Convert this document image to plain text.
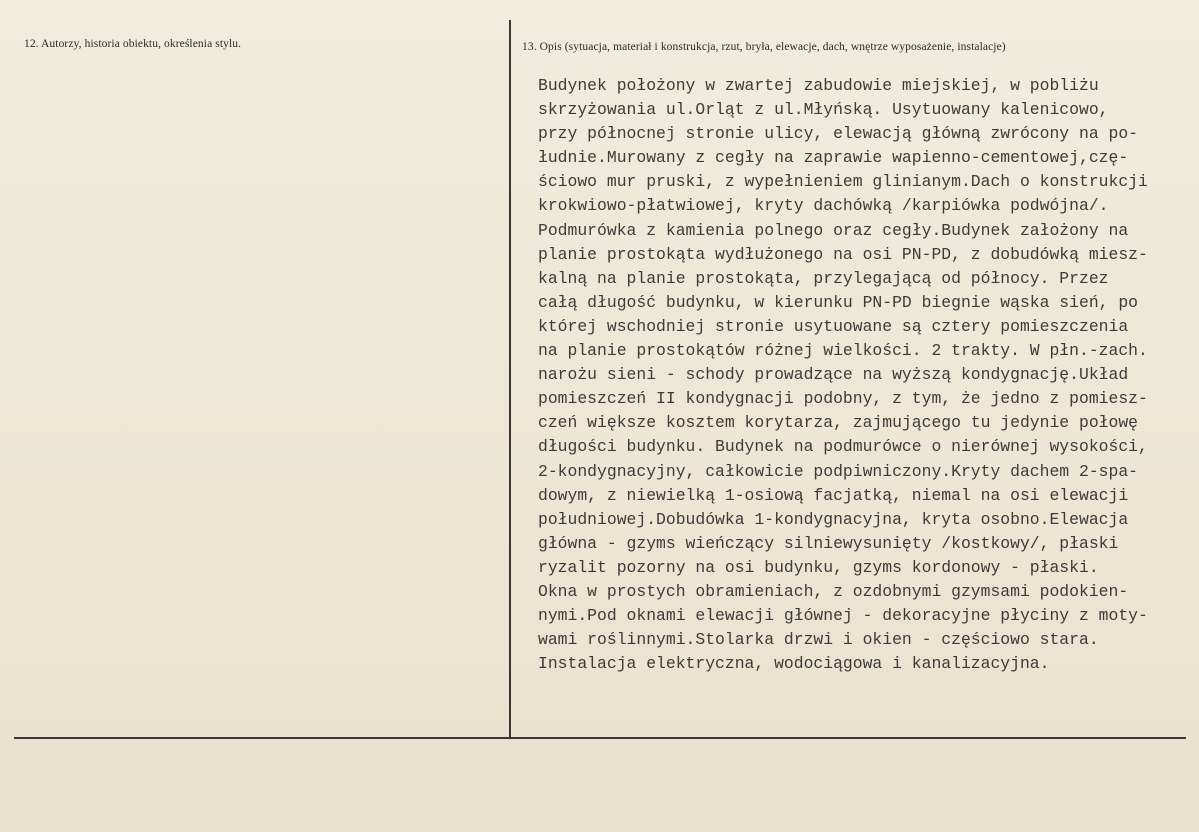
12. Autorzy, historia obiektu, określenia stylu.	13. Opis (sytuacja, materiał i konstrukcja, rzut, bryła, elewacje, dach, wnętrze wyposażenie, instalacje)
Budynek położony w zwartej zabudowie miejskiej, w pobliżu
skrzyżowania ul.Orląt z ul.Młyńską. Usytuowany kalenicowo,
przy północnej stronie ulicy, elewacją główną zwrócony na po-
łudnie.Murowany z cegły na zaprawie wapienno-cementowej,czę-
ściowo mur pruski, z wypełnieniem glinianym.Dach o konstrukcji
krokwiowo-płatwiowej, kryty dachówką /karpiówka podwójna/.
Podmurówka z kamienia polnego oraz cegły.Budynek założony na
planie prostokąta wydłużonego na osi PN-PD, z dobudówką miesz-
kalną na planie prostokąta, przylegającą od północy. Przez
całą długość budynku, w kierunku PN-PD biegnie wąska sień, po
której wschodniej stronie usytuowane są cztery pomieszczenia
na planie prostokątów różnej wielkości. 2 trakty. W płn.-zach.
narożu sieni - schody prowadzące na wyższą kondygnację.Układ
pomieszczeń II kondygnacji podobny, z tym, że jedno z pomiesz-
czeń większe kosztem korytarza, zajmującego tu jedynie połowę
długości budynku. Budynek na podmurówce o nierównej wysokości,
2-kondygnacyjny, całkowicie podpiwniczony.Kryty dachem 2-spa-
dowym, z niewielką 1-osiową facjatką, niemal na osi elewacji
południowej.Dobudówka 1-kondygnacyjna, kryta osobno.Elewacja
główna - gzyms wieńczący silniewysunięty /kostkowy/, płaski
ryzalit pozorny na osi budynku, gzyms kordonowy - płaski.
Okna w prostych obramieniach, z ozdobnymi gzymsami podokien-
nymi.Pod oknami elewacji głównej - dekoracyjne płyciny z moty-
wami roślinnymi.Stolarka drzwi i okien - częściowo stara.
Instalacja elektryczna, wodociągowa i kanalizacyjna.
